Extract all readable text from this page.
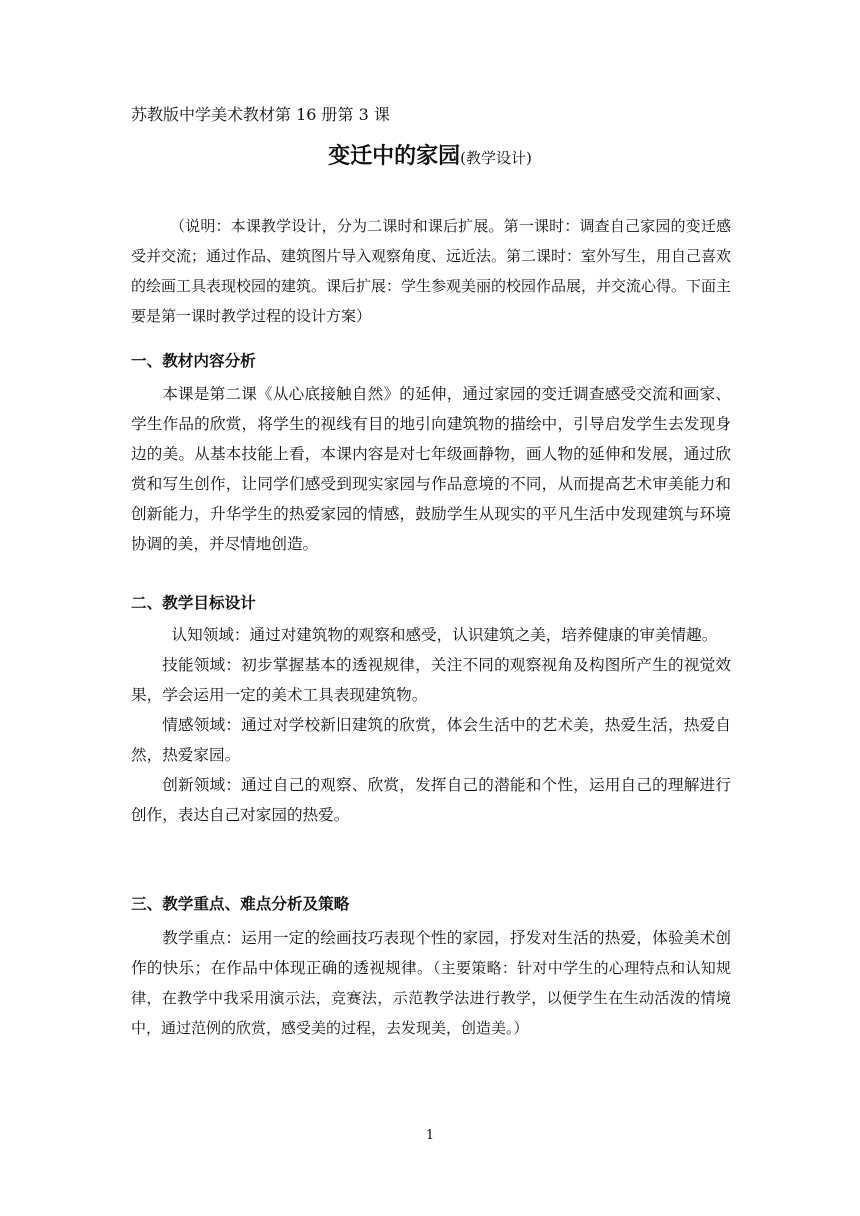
苏教版中学美术教材第 16 册第 3 课
变迁中的家园(教学设计)

（说明：本课教学设计，分为二课时和课后扩展。第一课时：调查自己家园的变迁感受并交流；通过作品、建筑图片导入观察角度、远近法。第二课时：室外写生，用自己喜欢的绘画工具表现校园的建筑。课后扩展：学生参观美丽的校园作品展，并交流心得。下面主要是第一课时教学过程的设计方案）

一、教材内容分析

本课是第二课《从心底接触自然》的延伸，通过家园的变迁调查感受交流和画家、学生作品的欣赏，将学生的视线有目的地引向建筑物的描绘中，引导启发学生去发现身边的美。从基本技能上看，本课内容是对七年级画静物，画人物的延伸和发展，通过欣赏和写生创作，让同学们感受到现实家园与作品意境的不同，从而提高艺术审美能力和创新能力，升华学生的热爱家园的情感，鼓励学生从现实的平凡生活中发现建筑与环境协调的美，并尽情地创造。

二、教学目标设计

认知领域：通过对建筑物的观察和感受，认识建筑之美，培养健康的审美情趣。

技能领域：初步掌握基本的透视规律，关注不同的观察视角及构图所产生的视觉效果，学会运用一定的美术工具表现建筑物。

情感领域：通过对学校新旧建筑的欣赏，体会生活中的艺术美，热爱生活，热爱自然，热爱家园。

创新领域：通过自己的观察、欣赏，发挥自己的潜能和个性，运用自己的理解进行创作，表达自己对家园的热爱。

三、教学重点、难点分析及策略

教学重点：运用一定的绘画技巧表现个性的家园，抒发对生活的热爱，体验美术创作的快乐；在作品中体现正确的透视规律。（主要策略：针对中学生的心理特点和认知规律，在教学中我采用演示法，竞赛法，示范教学法进行教学，以便学生在生动活泼的情境中，通过范例的欣赏，感受美的过程，去发现美，创造美。）

1
